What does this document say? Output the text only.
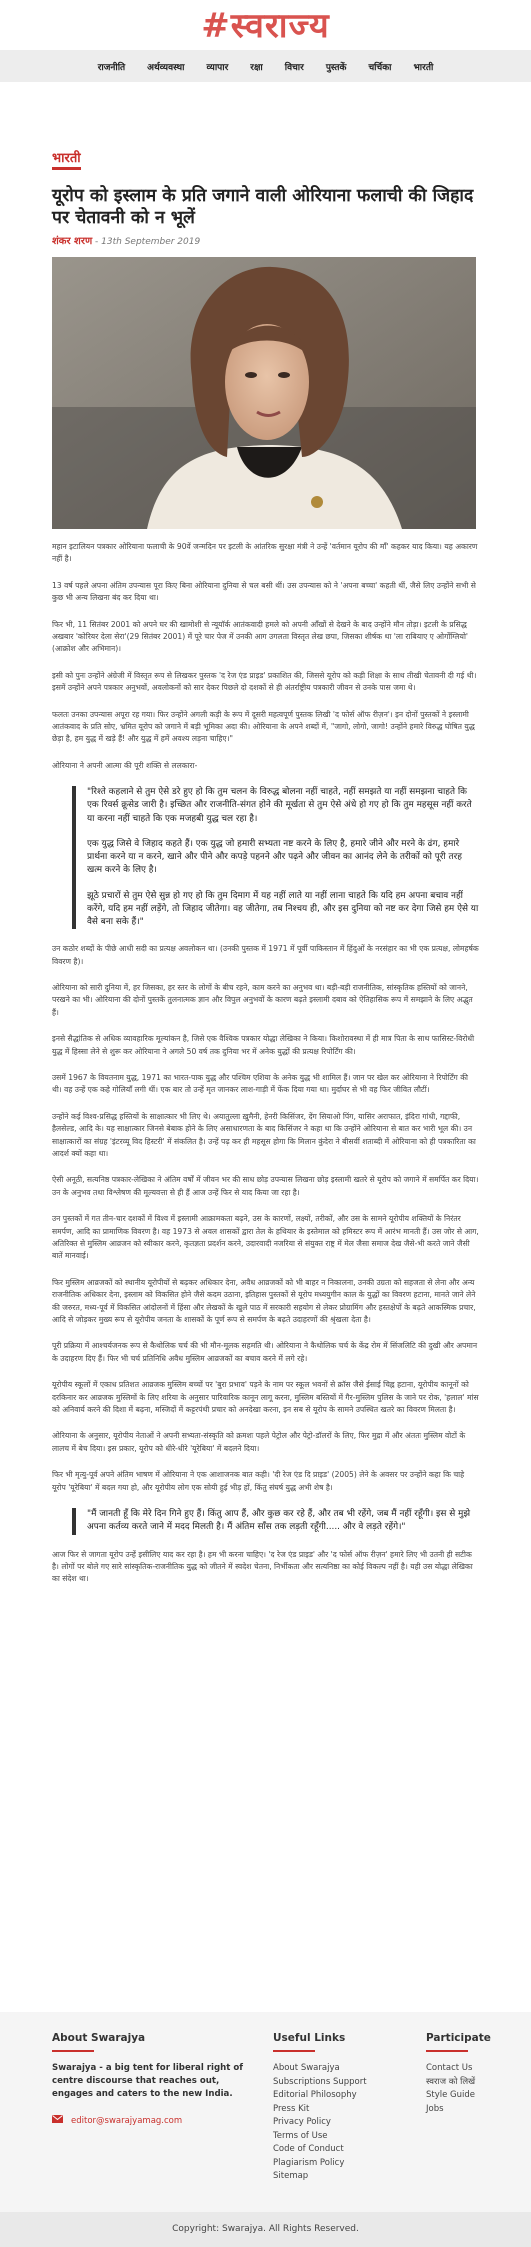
#स्वराज्य
राजनीति	अर्थव्यवस्था	व्यापार	रक्षा	विचार	पुस्तकें	चर्चिका	भारती
भारती
यूरोप को इस्लाम के प्रति जगाने वाली ओरियाना फलाची की जिहाद पर चेतावनी को न भूलें
शंकर शरण - 13th September 2019

महान इटालियन पत्रकार ओरियाना फलाची के 90वें जन्मदिन पर इटली के आंतरिक सुरक्षा मंत्री ने उन्हें 'वर्तमान यूरोप की माँ' कहकर याद किया। यह अकारण नहीं है।

13 वर्ष पहले अपना अंतिम उपन्यास पूरा किए बिना ओरियाना दुनिया से चल बसी थीं। उस उपन्यास को ने 'अपना बच्चा' कहती थीं, जैसे लिए उन्होंने सभी से कुछ भी अन्य लिखना बंद कर दिया था।

फिर भी, 11 सितंबर 2001 को अपने घर की खामोशी से न्यूयॉर्क आतंकवादी हमले को अपनी आँखों से देखने के बाद उन्होंने मौन तोड़ा। इटली के प्रसिद्ध अखबार 'कोरियर देला सेरा'(29 सितंबर 2001) में पूरे चार पेज में उनकी आग उगलता विस्तृत लेख छपा, जिसका शीर्षक था 'ला राबियाए ए ओर्गोग्लियो' (आक्रोश और अभिमान)।

इसी को पुनः उन्होंने अंग्रेजी में विस्तृत रूप से लिखकर पुस्तक 'द रेज एंड प्राइड' प्रकाशित की, जिससे यूरोप को कड़ी शिक्षा के साथ तीखी चेतावनी दी गई थी। इसमें उन्होंने अपने पत्रकार अनुभवों, अवलोकनों को सार देकर पिछले दो दशकों से ही अंतर्राष्ट्रीय पत्रकारी जीवन से उनके पास जमा थे।

फलतः उनका उपन्यास अपूरा रह गया। फिर उन्होंने अगली कड़ी के रूप में दूसरी महत्वपूर्ण पुस्तक लिखी 'द फोर्स ऑफ रीज़न'। इन दोनों पुस्तकों ने इस्लामी आतंकवाद के प्रति सोए, भ्रमित यूरोप को जगाने में बड़ी भूमिका अदा की। ओरियाना के अपने शब्दों में, "जागो, लोगो, जागो! उन्होंने हमारे विरुद्ध घोषित युद्ध छेड़ा है, हम युद्ध में खड़े हैं! और युद्ध में हमें अवश्य लड़ना चाहिए।"

ओरियाना ने अपनी आत्मा की पूरी शक्ति से ललकारा-

"रिश्ते कहलाने से तुम ऐसे डरे हुए हो कि तुम चलन के विरुद्ध बोलना नहीं चाहते, नहीं समझते या नहीं समझना चाहते कि एक रिवर्स क्रूसेड जारी है। इच्छित और राजनीति-संगत होने की मूर्खता से तुम ऐसे अंधे हो गए हो कि तुम महसूस नहीं करते या करना नहीं चाहते कि एक मजहबी युद्ध चल रहा है।

एक युद्ध जिसे वे जिहाद कहते हैं। एक युद्ध जो हमारी सभ्यता नष्ट करने के लिए है, हमारे जीने और मरने के ढंग, हमारे प्रार्थना करने या न करने, खाने और पीने और कपड़े पहनने और पढ़ने और जीवन का आनंद लेने के तरीकों को पूरी तरह खत्म करने के लिए है।

झूठे प्रचारों से तुम ऐसे सुन्न हो गए हो कि तुम दिमाग में यह नहीं लाते या नहीं लाना चाहते कि यदि हम अपना बचाव नहीं करेंगे, यदि हम नहीं लड़ेंगे, तो जिहाद जीतेगा। वह जीतेगा, तब निश्चय ही, और इस दुनिया को नष्ट कर देगा जिसे हम ऐसे या वैसे बना सके हैं।"

उन कठोर शब्दों के पीछे आधी सदी का प्रत्यक्ष अवलोकन था। (उनकी पुस्तक में 1971 में पूर्वी पाकिस्तान में हिंदुओं के नरसंहार का भी एक प्रत्यक्ष, लोमहर्षक विवरण है)।

ओरियाना को सारी दुनिया में, हर जिसका, हर स्तर के लोगों के बीच रहने, काम करने का अनुभव था। बड़ी-बड़ी राजनीतिक, सांस्कृतिक हस्तियों को जानने, परखने का भी। ओरियाना की दोनों पुस्तकें तुलनात्मक ज्ञान और विपुल अनुभवों के कारण बढ़ते इस्लामी दबाव को ऐतिहासिक रूप में समझाने के लिए अद्भुत हैं।

इनसे सैद्धांतिक से अधिक व्यावहारिक मूल्यांकन है, जिसे एक वैश्विक पत्रकार योद्धा लेखिका ने किया। किशोरावस्था में ही मात्र पिता के साथ फासिस्ट-विरोधी युद्ध में हिस्सा लेने से शुरू कर ओरियाना ने अगले 50 वर्ष तक दुनिया भर में अनेक युद्धों की प्रत्यक्ष रिपोर्टिंग की।

उसमें 1967 के वियतनाम युद्ध, 1971 का भारत-पाक युद्ध और पश्चिम एशिया के अनेक युद्ध भी शामिल हैं। जान पर खेल कर ओरियाना ने रिपोर्टिंग की थी। वह उन्हें एक कहे गोलियाँ लगी थीं। एक बार तो उन्हें मृत जानकर लाश-गाड़ी में फेंक दिया गया था। मुर्दाघर से भी वह फिर जीवित लौटीं।

उन्होंने कई विश्व-प्रसिद्ध हस्तियों के साक्षात्कार भी लिए थे। अयातुल्ला ख़ुमैनी, हेनरी किसिंजर, देंग सियाओ पिंग, यासिर अराफात, इंदिरा गांधी, गद्दाफी, हैलसेल्ड, आदि के। यह साक्षात्कार जिनसे बेबाक होने के लिए असाधारणता के बाद किसिंजर ने कहा था कि उन्होंने ओरियाना से बात कर भारी भूल की। उन साक्षात्कारों का संग्रह 'इंटरव्यू विद हिस्टरी' में संकलित है। उन्हें पढ़ कर ही महसूस होगा कि मिलान कुंदेरा ने बीसवीं शताब्दी में ओरियाना को ही पत्रकारिता का आदर्श क्यों कहा था।

ऐसी अनूठी, सत्यनिष्ठ पत्रकार-लेखिका ने अंतिम वर्षों में जीवन भर की साध छोड़ उपन्यास लिखना छोड़ इस्लामी खतरे से यूरोप को जगाने में समर्पित कर दिया। उन के अनुभव तथा विश्लेषण की मूल्यवत्ता से ही हैं आज उन्हें फिर से याद किया जा रहा है।

उन पुस्तकों में गत तीन-चार दशकों में विश्व में इस्लामी आक्रामकता बढ़ने, उस के कारणों, लक्ष्यों, तरीकों, और उस के सामने यूरोपीय शक्तियों के निरंतर समर्पण, आदि का प्रामाणिक विवरण है। वह 1973 से अवल शासकों द्वारा तेल के हथियार के इस्तेमाल को हमिस्टर रूप में आरंभ मानती हैं। उस जोर से आग, अतिरिक्त से मुस्लिम आव्रजन को स्वीकार करने, कृतज्ञता प्रदर्शन करने, उदारवादी नजरिया से संयुक्त राष्ट्र में मेल जैसा समाज देख जैसे-भी करते जाने जैसी बातें मानवाई।

फिर मुस्लिम आव्रजकों को स्थानीय यूरोपीयों से बढ़कर अधिकार देना, अवैध आव्रजकों को भी बाहर न निकालना, उनकी उग्रता को सहजता से लेना और अन्य राजनीतिक अधिकार देना, इस्लाम को विकसित होने जैसे कदम उठाना, इतिहास पुस्तकों से यूरोप मध्ययुगीन काल के युद्धों का विवरण हटाना, मानते जाने लेने की जरुरत, मध्य-पूर्व में विकसित आंदोलनों में हिंसा और लेखकों के खुले पाठ में सरकारी सहयोग से लेकर प्रोग्रामिंग और हस्तक्षेपों के बढ़ते आकस्मिक प्रचार, आदि से जोड़कर मुख्य रूप से यूरोपीय जनता के शासकों के पूर्ण रूप से समर्पण के बढ़ते उदाहरणों की श्रृंखला देता है।

पूरी प्रक्रिया में आश्चर्यजनक रूप से कैथोलिक चर्च की भी मौन-मूलक सहमति थी। ओरियाना ने कैथोलिक चर्च के केंद्र रोम में सिंजलिटि की दुखी और अपमान के उदाहरण दिए हैं। फिर भी चर्च प्रतिनिधि अवैध मुस्लिम आव्रजकों का बचाव करने में लगे रहे।

यूरोपीय स्कूलों में एकाध प्रतिशत आव्रजक मुस्लिम बच्चों पर 'बुरा प्रभाव' पड़ने के नाम पर स्कूल भवनों से क्रॉस जैसे ईसाई चिह्न हटाना, यूरोपीय कानूनों को दरकिनार कर आव्रजक मुस्लिमों के लिए शरिया के अनुसार पारिवारिक कानून लागू करना, मुस्लिम बस्तियों में गैर-मुस्लिम पुलिस के जाने पर रोक, 'हलाल' मांस को अनिवार्य करने की दिशा में बढ़ना, मस्जिदों में कट्टरपंथी प्रचार को अनदेखा करना, इन सब से यूरोप के सामने उपस्थित खतरे का विवरण मिलता है।

ओरियाना के अनुसार, यूरोपीय नेताओं ने अपनी सभ्यता-संस्कृति को क्रमशः पहले पेट्रोल और पेट्रो-डॉलरों के लिए, फिर मुद्रा में और अंततः मुस्लिम वोटों के लालच में बेच दिया। इस प्रकार, यूरोप को धीरे-धीरे 'यूरेबिया' में बदलने दिया।

फिर भी मृत्यु-पूर्व अपने अंतिम भाषण में ओरियाना ने एक आशाजनक बात कही। 'दी रेज एंड दि प्राइड' (2005) लेने के अवसर पर उन्होंने कहा कि चाहे यूरोप 'यूरेबिया' में बदल गया हो, और यूरोपीय लोग एक सोयी हुई भीड़ हों, किंतु संघर्ष युद्ध अभी शेष है।

"मैं जानती हूँ कि मेरे दिन गिने हुए हैं। किंतु आप हैं, और कुछ कर रहे हैं, और तब भी रहेंगे, जब मैं नहीं रहूँगी। इस से मुझे अपना कर्तव्य करते जाने में मदद मिलती है। मैं अंतिम साँस तक लड़ती रहूँगी..... और वे लड़ते रहेंगे।"

आज फिर से जागता यूरोप उन्हें इसीलिए याद कर रहा है। हम भी करना चाहिए। 'द रेज एंड प्राइड' और 'द फोर्स ऑफ रीज़न' हमारे लिए भी उतनी ही सटीक है। लोगों पर बोले गए सारे सांस्कृतिक-राजनीतिक युद्ध को जीतने में स्वदेश चेतना, निर्भीकता और सत्यनिष्ठा का कोई विकल्प नहीं है। यही उस योद्धा लेखिका का संदेश था।

About Swarajya
Swarajya - a big tent for liberal right of centre discourse that reaches out, engages and caters to the new India.
editor@swarajyamag.com
Useful Links
About Swarajya
Subscriptions Support
Editorial Philosophy
Press Kit
Privacy Policy
Terms of Use
Code of Conduct
Plagiarism Policy
Sitemap
Participate
Contact Us
स्वराज को लिखें
Style Guide
Jobs
Copyright: Swarajya. All Rights Reserved.
